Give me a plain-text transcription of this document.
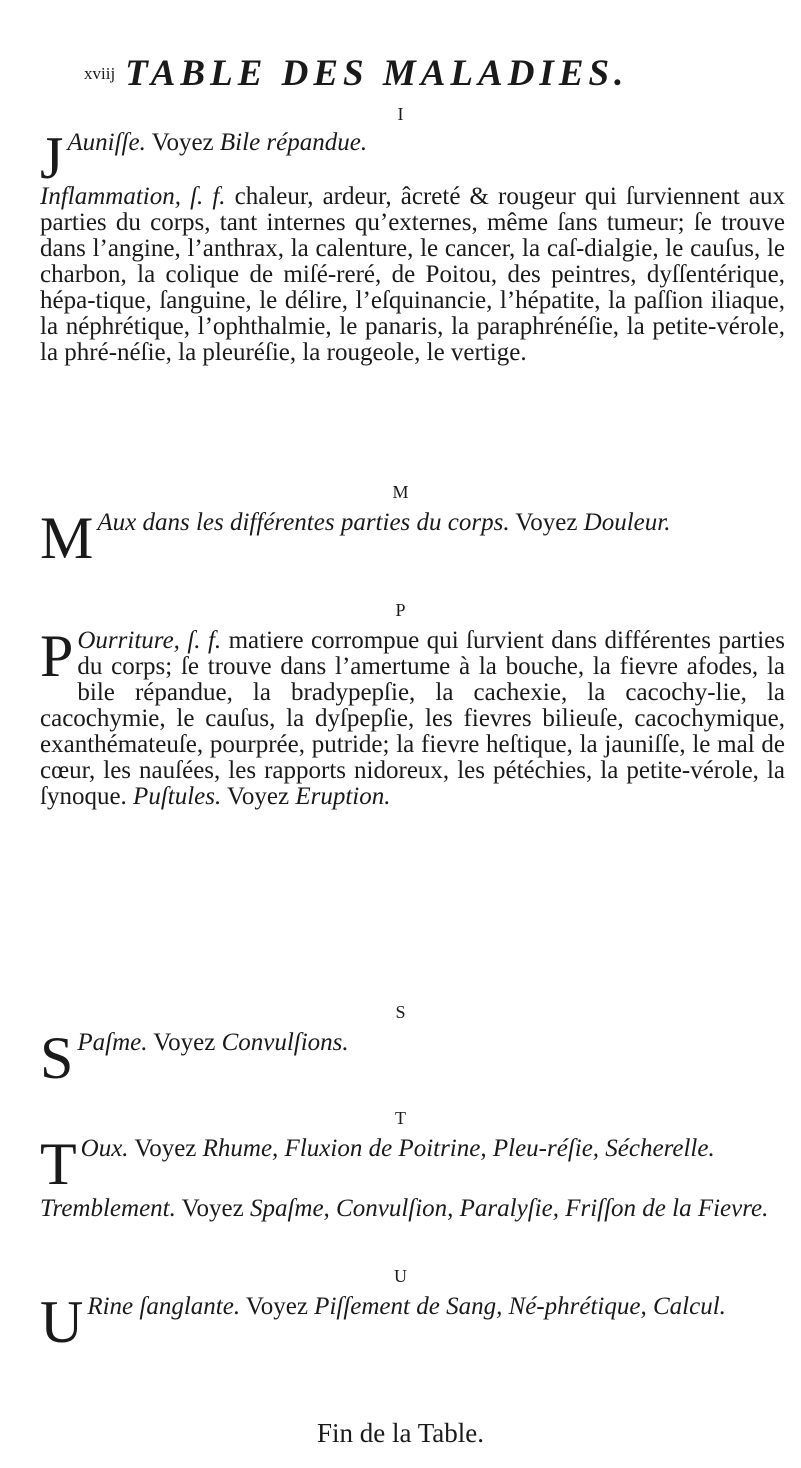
xviij TABLE DES MALADIES.
I
J Auniſſe. Voyez Bile répandue.
Inflammation, ſ. f. chaleur, ardeur, âcreté & rougeur qui ſurviennent aux parties du corps, tant internes qu’externes, même ſans tumeur; ſe trouve dans l’angine, l’anthrax, la calenture, le cancer, la caſ-dialgie, le cauſus, le charbon, la colique de miſé-reré, de Poitou, des peintres, dyſſentérique, hépa-tique, ſanguine, le délire, l’eſquinancie, l’hépatite, la paſſion iliaque, la néphrétique, l’ophthalmie, le panaris, la paraphrénéſie, la petite-vérole, la phré-néſie, la pleuréſie, la rougeole, le vertige.
M
M Aux dans les différentes parties du corps. Voyez Douleur.
P
P Ourriture, ſ. f. matiere corrompue qui ſurvient dans différentes parties du corps; ſe trouve dans l’amertume à la bouche, la fievre afodes, la bile répandue, la bradypepſie, la cachexie, la cacochy-lie, la cacochymie, le cauſus, la dyſpepſie, les fievres bilieuſe, cacochymique, exanthémateuſe, pourprée, putride; la fievre heſtique, la jauniſſe, le mal de cœur, les nauſées, les rapports nidoreux, les pétéchies, la petite-vérole, la ſynoque. Puſtules. Voyez Eruption.
S
S Paſme. Voyez Convulſions.
T
T Oux. Voyez Rhume, Fluxion de Poitrine, Pleu-réſie, Sécherelle.
Tremblement. Voyez Spaſme, Convulſion, Paralyſie, Friſſon de la Fievre.
U
U Rine ſanglante. Voyez Piſſement de Sang, Né-phrétique, Calcul.
Fin de la Table.
